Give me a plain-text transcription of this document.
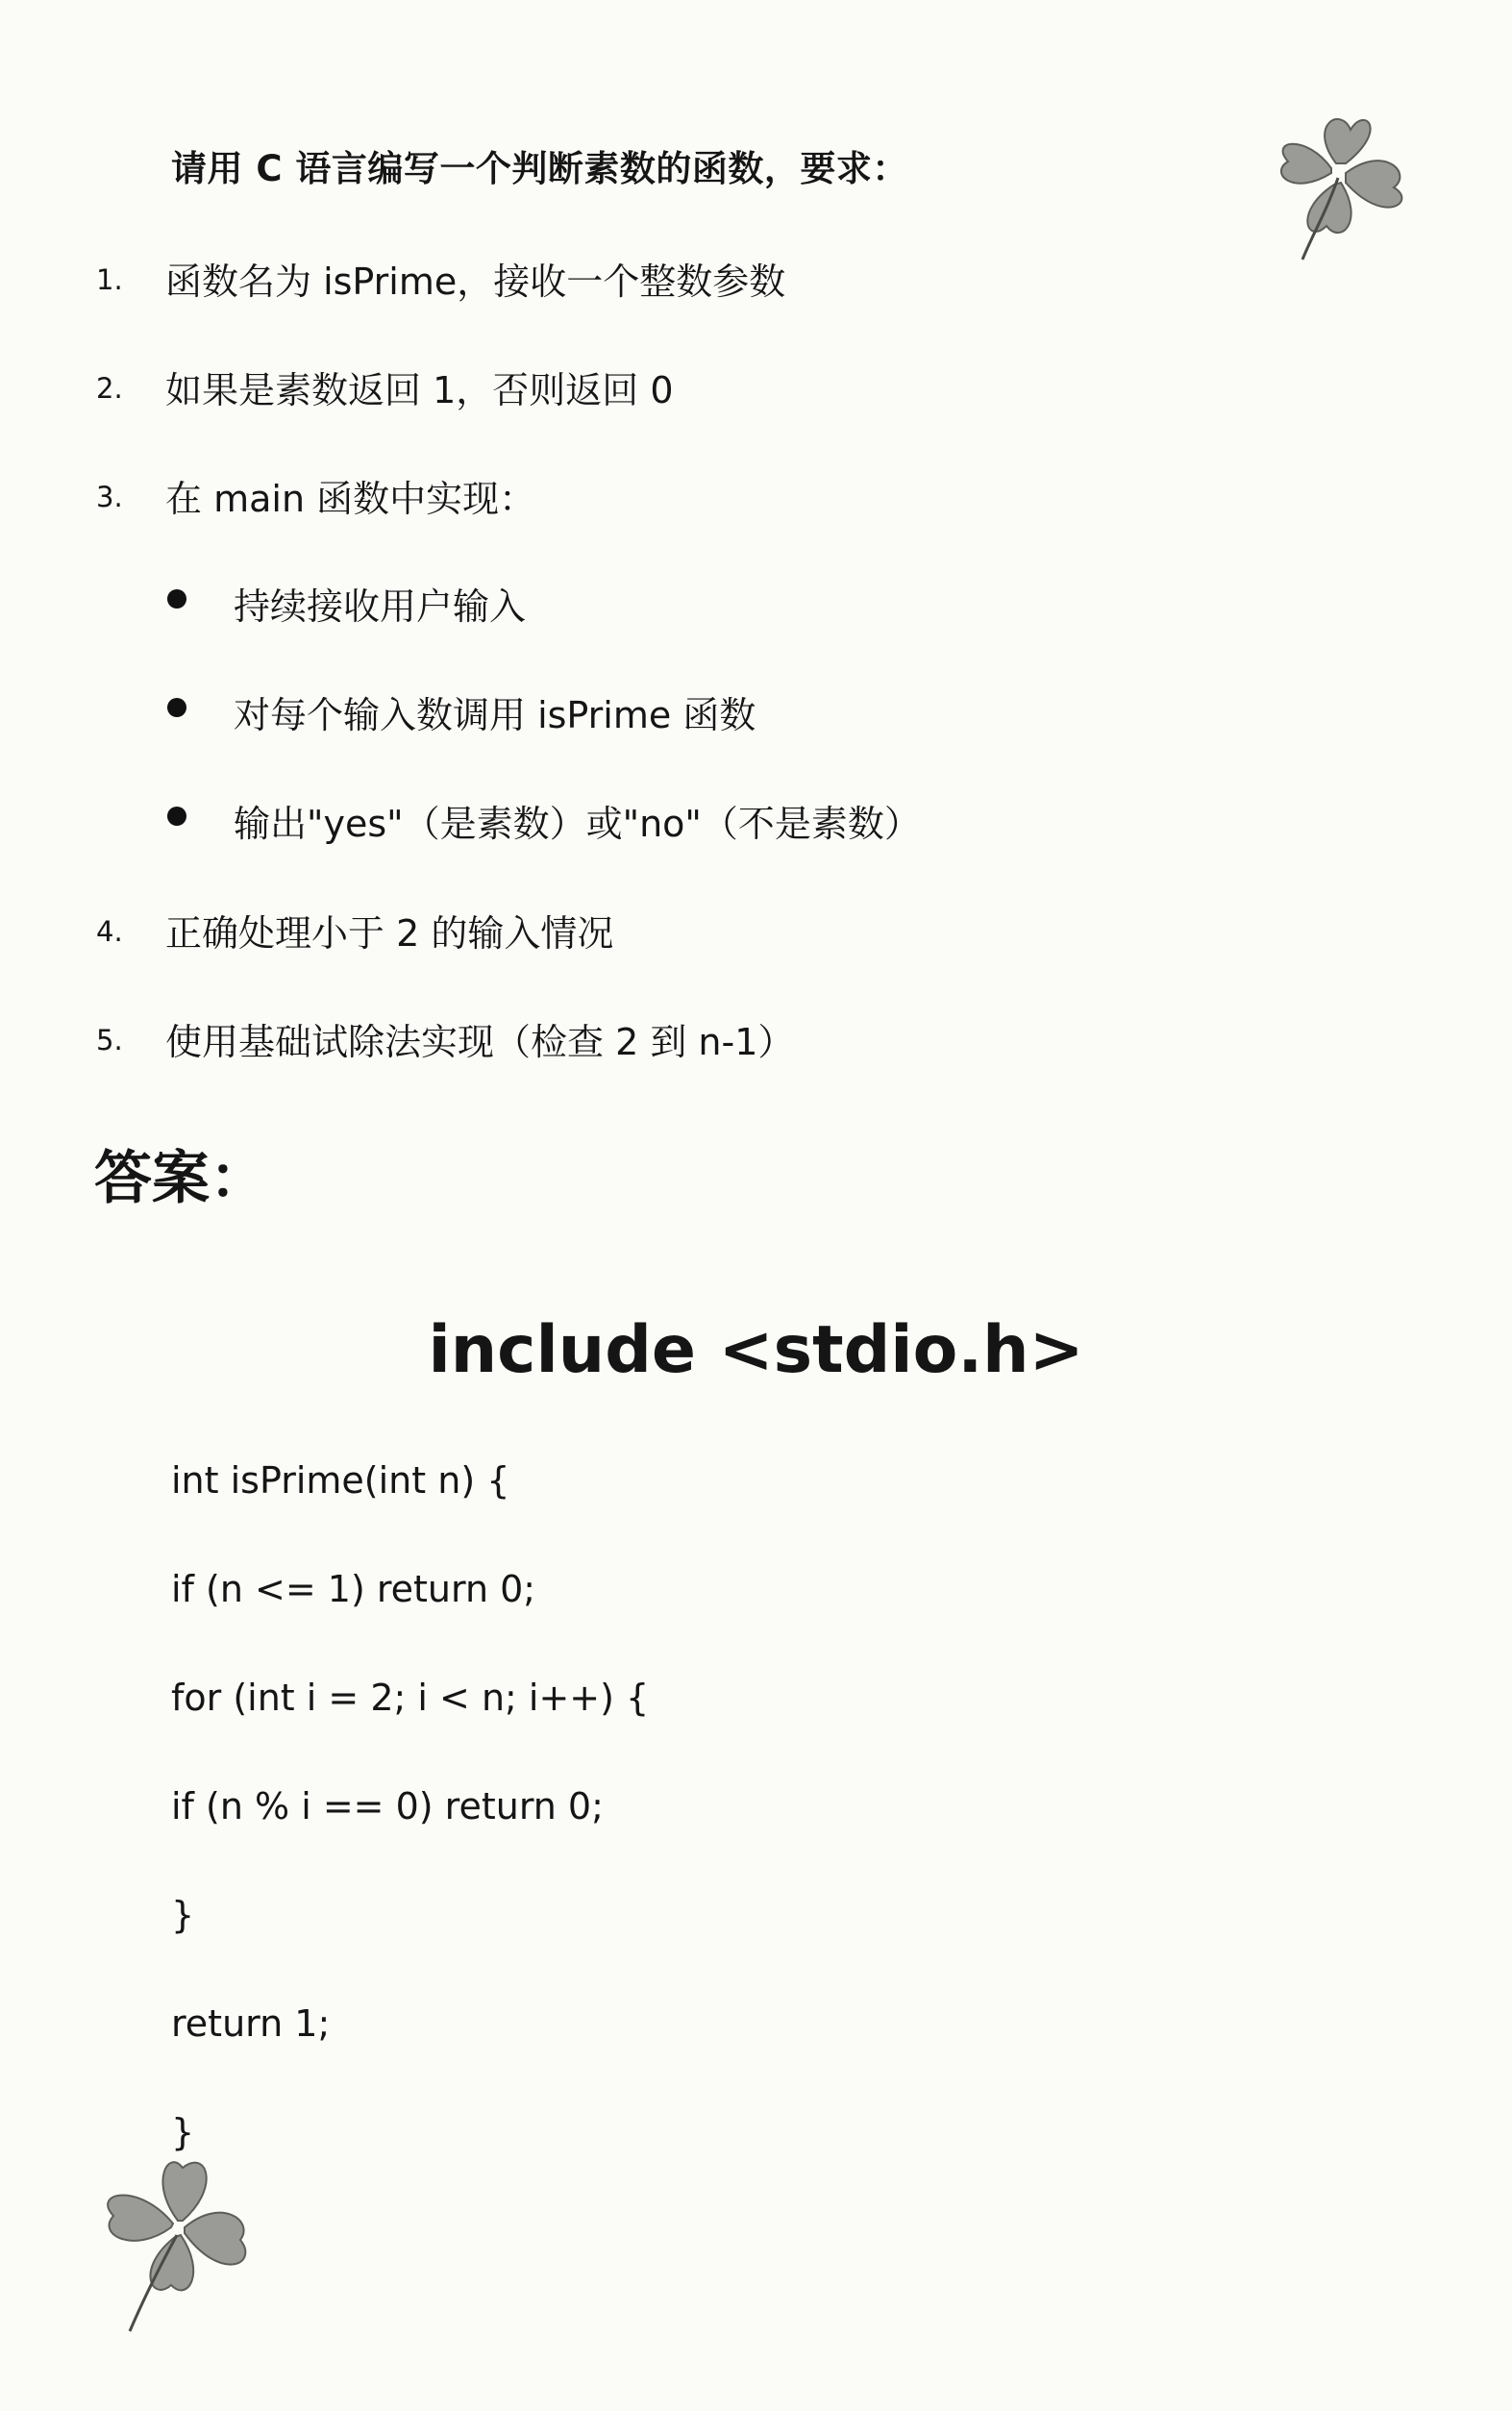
请用 C 语言编写一个判断素数的函数，要求：
1. 函数名为 isPrime，接收一个整数参数
2. 如果是素数返回 1，否则返回 0
3. 在 main 函数中实现：
持续接收用户输入
对每个输入数调用 isPrime 函数
输出"yes"（是素数）或"no"（不是素数）
4. 正确处理小于 2 的输入情况
5. 使用基础试除法实现（检查 2 到 n-1）
答案：
include <stdio.h>
int isPrime(int n) {
if (n <= 1) return 0;
for (int i = 2; i < n; i++) {
if (n % i == 0) return 0;
}
return 1;
}
